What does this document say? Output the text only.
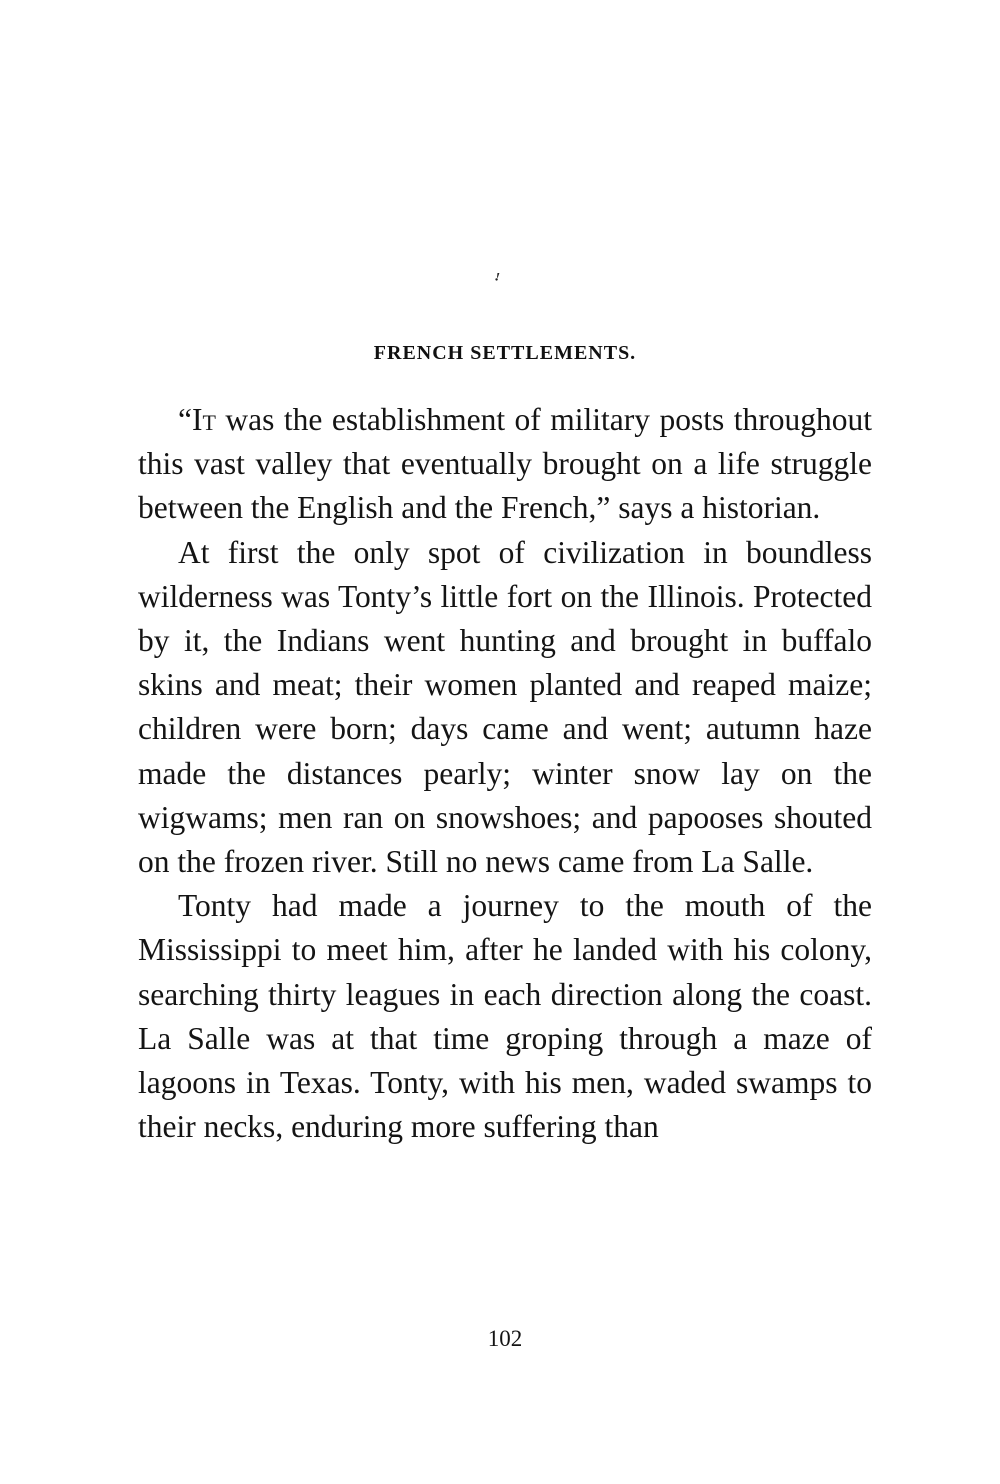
∙′
FRENCH SETTLEMENTS.

“It was the establishment of military posts throughout this vast valley that eventually brought on a life struggle between the English and the French,” says a historian.

At first the only spot of civilization in boundless wilderness was Tonty’s little fort on the Illinois. Protected by it, the Indians went hunting and brought in buffalo skins and meat; their women planted and reaped maize; children were born; days came and went; autumn haze made the distances pearly; winter snow lay on the wigwams; men ran on snowshoes; and papooses shouted on the frozen river. Still no news came from La Salle.

Tonty had made a journey to the mouth of the Mississippi to meet him, after he landed with his colony, searching thirty leagues in each direction along the coast. La Salle was at that time groping through a maze of lagoons in Texas. Tonty, with his men, waded swamps to their necks, enduring more suffering than

102
